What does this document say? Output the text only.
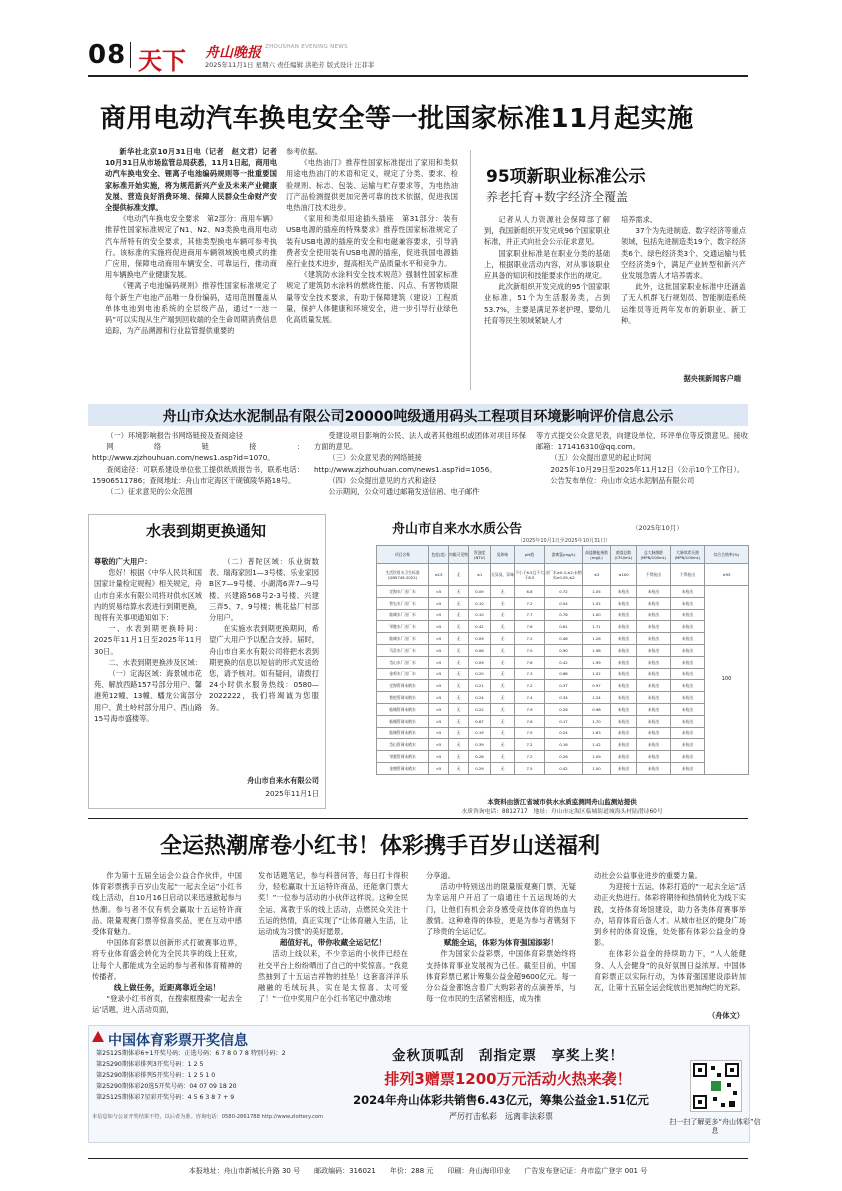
08 天下 舟山晚报 ZHOUSHAN EVENING NEWS
2025年11月1日 星期六 责任编辑 洪艳芳 版式设计 汪菲菲
商用电动汽车换电安全等一批国家标准11月起实施

新华社北京10月31日电（记者　赵文君）记者10月31日从市场监管总局获悉，11月1日起，商用电动汽车换电安全、锂离子电池编码规则等一批重要国家标准开始实施，将为规范新兴产业及未来产业健康发展、营造良好消费环境、保障人民群众生命财产安全提供标准支撑。

《电动汽车换电安全要求　第2部分：商用车辆》推荐性国家标准规定了N1、N2、N3类换电商用电动汽车所特有的安全要求，其他类型换电车辆可参考执行。该标准的实施将促进商用车辆领域换电模式的推广应用，保障电动商用车辆安全、可靠运行，推动商用车辆换电产业健康发展。

《锂离子电池编码规则》推荐性国家标准规定了每个新生产电池产品唯一身份编码，适用范围覆盖从单体电池到电池系统的全层级产品，通过“一池一码”可以实现从生产端到回收端的全生命周期消费信息追踪，为产品溯源和行业监管提供重要的

参考依据。

《电热油汀》推荐性国家标准提出了家用和类似用途电热油汀的术语和定义，规定了分类、要求、检验规则、标志、包装、运输与贮存要求等，为电热油汀产品检测提供更加完善可靠的技术依据，促进我国电热油汀技术进步。

《家用和类似用途插头插座　第31部分：装有USB电源的插座的特殊要求》推荐性国家标准规定了装有USB电源的插座的安全和电磁兼容要求，引导消费者安全使用装有USB电源的插座，促进我国电源插座行业技术进步，提高相关产品质量水平和竞争力。

《建筑防水涂料安全技术规范》强制性国家标准规定了建筑防水涂料的燃烧性能、闪点、有害物质限量等安全技术要求，有助于保障建筑（建设）工程质量，保护人体健康和环境安全，进一步引导行业绿色化高质量发展。

95项新职业标准公示
养老托育+数字经济全覆盖

记者从人力资源社会保障部了解到，我国新组织开发完成96个国家职业标准，并正式向社会公示征求意见。

国家职业标准是在职业分类的基础上，根据职业活动内容，对从事该职业应具备的知识和技能要求作出的规定。

此次新组织开发完成的95个国家职业标准，51个为生活服务类，占到53.7%，主要是满足养老护理、婴幼儿托育等民生领域紧缺人才

培养需求。

37个为先进制造、数字经济等重点领域，包括先进制造类19个、数字经济类6个、绿色经济类3个、交通运输与低空经济类9个，满足产业转型和新兴产业发展急需人才培养需求。

此外，这批国家职业标准中还涵盖了无人机群飞行规划员、智能制造系统运维员等近两年发布的新职业、新工种。

据央视新闻客户端
舟山市众达水泥制品有限公司20000吨级通用码头工程项目环境影响评价信息公示

（一）环境影响报告书网络链接及查阅途径

网　络　链　接　：http://www.zjzhouhuan.com/news1.asp?id=1070。

查阅途径：可联系建设单位张工提供纸质报告书，联系电话：15906511786；查阅地址：舟山市定海区干砚镇陵华路18号。

（二）征求意见的公众范围

受建设项目影响的公民、法人或者其他组织或团体对项目环保方面的意见。

（三）公众意见表的网络链接

http://www.zjzhouhuan.com/news1.asp?id=1056。

（四）公众提出意见的方式和途径

公示期间，公众可通过邮箱发送信函、电子邮件

等方式提交公众意见表，向建设单位、环评单位等反馈意见。接收邮箱：171416310@qq.com。

（五）公众提出意见的起止时间

2025年10月29日至2025年11月12日（公示10个工作日）。

公告发布单位：舟山市众达水泥制品有限公司

水表到期更换通知

尊敬的广大用户：

您好！根据《中华人民共和国国家计量检定规程》相关规定，舟山市自来水有限公司将对供水区域内的贸易结算水表进行到期更换，现将有关事项通知如下：

一、水表到期更换時间：2025年11月1日至2025年11月30日。

二、水表到期更换涉及区域：

（一）定海区域：海景城市花苑、解放西路157号部分用户、馨港苑12幢、13幢、蟠龙公寓部分用户、黄土岭村部分用户、西山路15号海市盛楼等。

（二）普陀区域：乐业街数表、瑞海家园1—3号楼、乐业家园B区7—9号楼、小湖湾6弄7—9号楼、兴建路568号2-3号楼、兴建三弄5、7、9号楼；桃花盐厂村部分用户。

在实施水表到期更换期间，希望广大用户予以配合支持。届时，舟山市自来水有限公司将把水表到期更换的信息以短信的形式发送给您，请予核对。如有疑问，请拨打24小时供水服务热线：0580—2022222，我们将竭诚为您服务。

舟山市自来水有限公司
2025年11月1日
舟山市自来水水质公告	（2025年10月）
（2025年10月1日至2025年10月31日）
项目名称	色度(度)	肉眼可见物	浑浊度(NTU)	臭和味	pH值	游离氯(mg/L)	高锰酸盐指数(mg/L)	菌落总数(CFU/mL)	总大肠菌群(MPN/100mL)	大肠埃希氏菌(MPN/100mL)	综合合格率(%)
生活饮用水卫生标准(GB5749-2022)	≤15	无	≤1	无异臭、异味	不小于6.5且不大于8.5	出厂水≥0.3,≤2;末梢水≥0.05,≤2	≤3	≤100	不得检出	不得检出	≥95
定海水厂出厂水	<5	无	0.09	无	6.8	0.72	1.05	未检出	未检出	未检出	100
营屯水厂出厂水	<5	无	0.10	无	7.2	0.54	1.02	未检出	未检出	未检出	
临城水厂出厂水	<5	无	0.10	无	7.7	0.76	1.00	未检出	未检出	未检出	
岑港水厂出厂水	<5	无	0.42	无	7.6	0.61	1.71	未检出	未检出	未检出	
临城水厂出厂水	<5	无	0.09	无	7.2	0.46	1.26	未检出	未检出	未检出	
马岙水厂出厂水	<5	无	0.06	无	7.0	0.90	1.58	未检出	未检出	未检出	
岱山水厂出厂水	<5	无	0.09	无	7.6	0.42	1.99	未检出	未检出	未检出	
金鸡水厂出厂水	<5	无	0.20	无	7.3	0.68	1.02	未检出	未检出	未检出	
定海管网末梢水	<5	无	0.21	无	7.2	0.37	0.97	未检出	未检出	未检出	
普陀管网末梢水	<5	无	0.24	无	7.4	0.34	1.24	未检出	未检出	未检出	
临城管网末梢水	<5	无	0.22	无	7.9	0.26	0.98	未检出	未检出	未检出	
新城管网末梢水	<5	无	0.67	无	7.6	0.17	1.70	未检出	未检出	未检出	
临城管网末梢水	<5	无	0.19	无	7.5	0.24	1.63	未检出	未检出	未检出	
岱山管网末梢水	<5	无	0.39	无	7.2	0.16	1.42	未检出	未检出	未检出	
岑港管网末梢水	<5	无	0.28	无	7.2	0.26	1.09	未检出	未检出	未检出	
金塘管网末梢水	<5	无	0.29	无	7.5	0.42	1.00	未检出	未检出	未检出	
本资料由浙江省城市供水水质监测网舟山监测站提供
水质咨询电话：8812717　地址：舟山市定海区临城街道城海头村陆潜诗60号
全运热潮席卷小红书！体彩携手百岁山送福利

作为第十五届全运会公益合作伙伴，中国体育彩票携手百岁山发起“一起去全运”小红书线上活动，自10月16日启动以来迅速掀起参与热潮。参与者不仅有机会赢取十五运特许商品、限量观赛门票等惊喜奖品，更在互动中感受体育魅力。

中国体育彩票以创新形式打破赛事边界，将专业体育盛会转化为全民共享的线上狂欢，让每个人都能成为全运的参与者和体育精神的传播者。

线上做任务，近距离靠近全运！

“登录小红书首页，在搜索框搜索‘一起去全运’话题，进入活动页面，

发布话题笔记，参与科普问答，每日打卡得积分，轻松赢取十五运特许商品，还能拿门票大奖！”一位参与活动的小伙伴这样说。这种全民全运、寓教于乐的线上活动，点燃民众关注十五运的热情，真正实现了“让体育融入生活，让运动成为习惯”的美好愿景。

超值好礼，带你收藏全运记忆！

活动上线以来，不少幸运的小伙伴已经在社交平台上纷纷晒出了自己的中奖惊喜。“我竟然抽到了十五运吉祥物的挂坠！这套喜洋洋乐融融的毛绒玩具，实在是太惊喜、太可爱了！”一位中奖用户在小红书笔记中激动地

分享道。

活动中特别送出的限量版观赛门票，无疑为幸运用户开启了一扇通往十五运现场的大门，让他们有机会亲身感受竞技体育的热血与激情。这种难得的体验，更是为参与者镌刻下了珍贵的全运记忆。

赋能全运，体彩为体育强国添彩！

作为国家公益彩票，中国体育彩票始终将支持体育事业发展视为己任。截至目前，中国体育彩票已累计筹集公益金超9600亿元。每一分公益金都饱含着广大购彩者的点滴善举，与每一位市民的生活紧密相连，成为推

动社会公益事业进步的重要力量。

为迎接十五运，体彩打造的“一起去全运”活动正火热进行。体彩将期待和热情转化为线下实践，支持体育场馆建设，助力各类体育赛事举办，培育体育后备人才。从城市社区的健身广场到乡村的体育设施，处处都有体彩公益金的身影。

在体彩公益金的持续助力下，“人人能健身、人人会健身”的良好氛围日益浓厚。中国体育彩票正以实际行动，为体育强国建设添砖加瓦，让第十五届全运会绽放出更加绚烂的光彩。

（舟体文）
中国体育彩票开奖信息
第25125期体彩6+1开奖号码：正选号码：6 7 8 0 7 8 特别号码：2
第25290期体彩排列3开奖号码：1 2 5
第25290期体彩排列5开奖号码：1 2 5 1 0
第25290期体彩20选5开奖号码：04 07 09 18 20
第25125期体彩7星彩开奖号码：4 5 6 3 8 7 + 9
本信息如与公证开奖结果不符，以后者为准。咨询电话：0580-2861788 http://www.zlottery.com
金秋顶呱刮　刮指定票　享奖上奖！
排列3赠票1200万元活动火热来袭！
2024年舟山体彩共销售6.43亿元，筹集公益金1.51亿元
严厉打击私彩　远离非法彩票
扫一扫了解更多“舟山体彩”信息
本报地址：舟山市新城长升路 30 号　　邮政编码：316021　　年价：288 元　　印刷：舟山海印印业　　广告发布登记证：舟市监广登字 001 号
